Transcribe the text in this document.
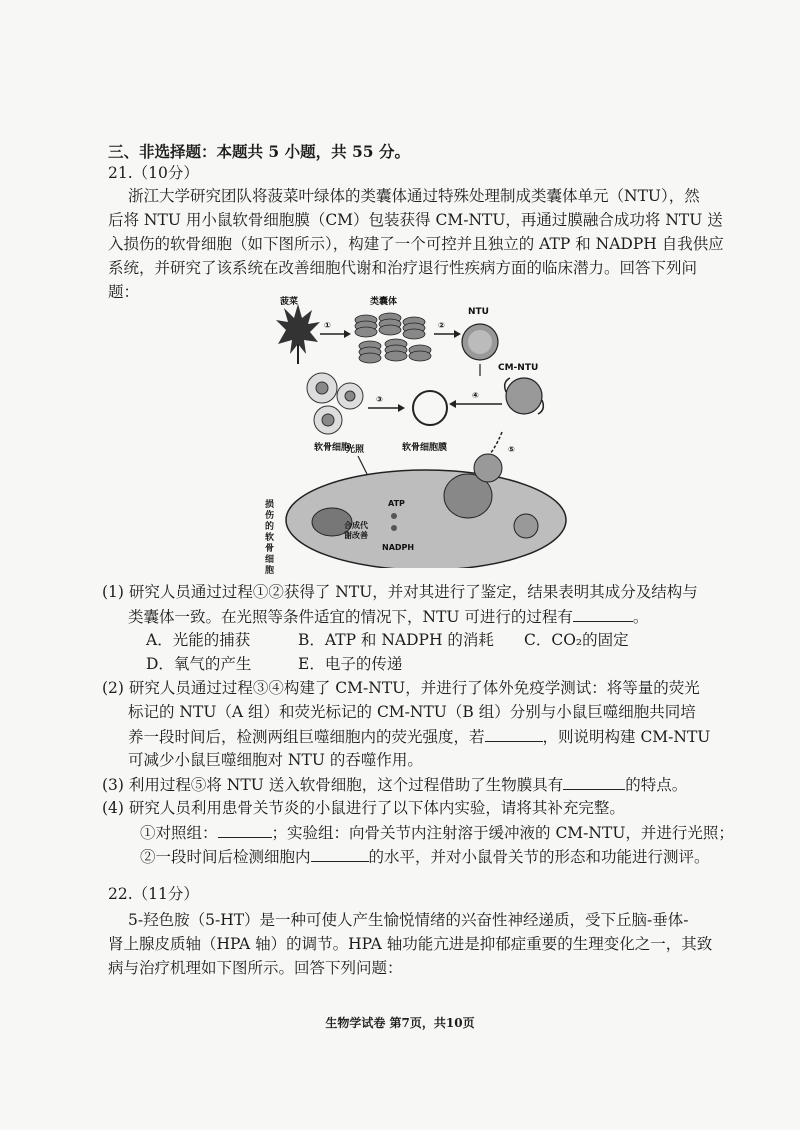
三、非选择题：本题共 5 小题，共 55 分。
21.（10分）
浙江大学研究团队将菠菜叶绿体的类囊体通过特殊处理制成类囊体单元（NTU），然
后将 NTU 用小鼠软骨细胞膜（CM）包装获得 CM-NTU，再通过膜融合成功将 NTU 送
入损伤的软骨细胞（如下图所示），构建了一个可控并且独立的 ATP 和 NADPH 自我供应
系统，并研究了该系统在改善细胞代谢和治疗退行性疾病方面的临床潜力。回答下列问
题：
菠菜
①
类囊体
②
NTU
CM-NTU
软骨细胞
③
软骨细胞膜
④
⑤
光照
ATP
合成代
谢改善
NADPH
损伤的软骨细胞
(1) 研究人员通过过程①②获得了 NTU，并对其进行了鉴定，结果表明其成分及结构与
类囊体一致。在光照等条件适宜的情况下，NTU 可进行的过程有	。
A．光能的捕获	B．ATP 和 NADPH 的消耗 C．CO₂的固定
D．氧气的产生	E．电子的传递
(2) 研究人员通过过程③④构建了 CM-NTU，并进行了体外免疫学测试：将等量的荧光
标记的 NTU（A 组）和荧光标记的 CM-NTU（B 组）分别与小鼠巨噬细胞共同培
养一段时间后，检测两组巨噬细胞内的荧光强度，若	，则说明构建 CM-NTU
可减少小鼠巨噬细胞对 NTU 的吞噬作用。
(3) 利用过程⑤将 NTU 送入软骨细胞，这个过程借助了生物膜具有	的特点。
(4) 研究人员利用患骨关节炎的小鼠进行了以下体内实验，请将其补充完整。
①对照组：	；实验组：向骨关节内注射溶于缓冲液的 CM-NTU，并进行光照；
②一段时间后检测细胞内	的水平，并对小鼠骨关节的形态和功能进行测评。
22.（11分）
5-羟色胺（5-HT）是一种可使人产生愉悦情绪的兴奋性神经递质，受下丘脑-垂体-
肾上腺皮质轴（HPA 轴）的调节。HPA 轴功能亢进是抑郁症重要的生理变化之一，其致
病与治疗机理如下图所示。回答下列问题：
生物学试卷 第7页，共10页
